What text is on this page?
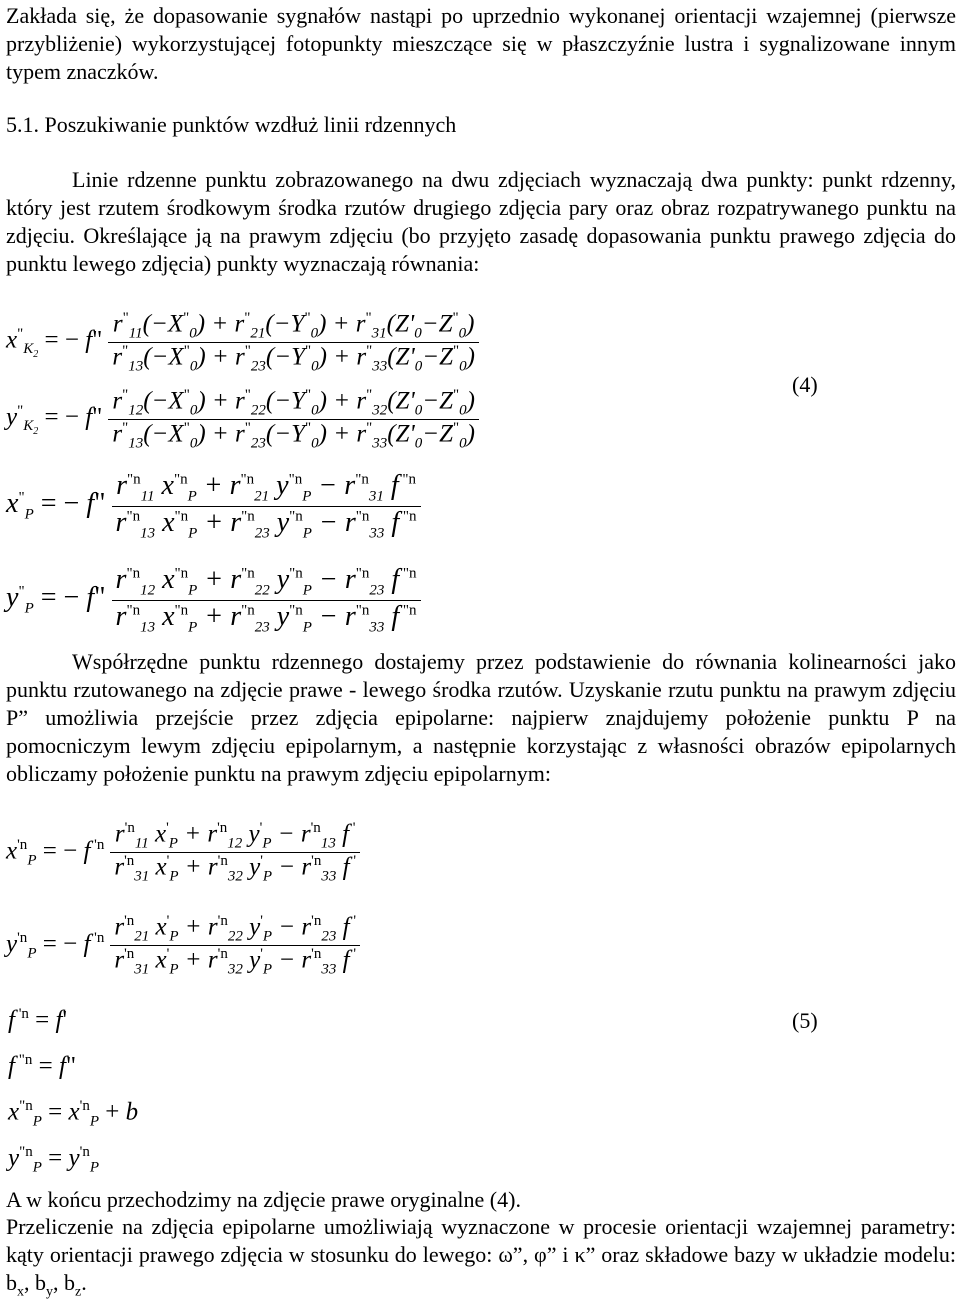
Zakłada się, że dopasowanie sygnałów nastąpi po uprzednio wykonanej orientacji wzajemnej (pierwsze przybliżenie) wykorzystującej fotopunkty mieszczące się w płaszczyźnie lustra i sygnalizowane innym typem znaczków.
5.1. Poszukiwanie punktów wzdłuż linii rdzennych
Linie rdzenne punktu zobrazowanego na dwu zdjęciach wyznaczają dwa punkty: punkt rdzenny, który jest rzutem środkowym środka rzutów drugiego zdjęcia pary oraz obraz rozpatrywanego punktu na zdjęciu. Określające ją na prawym zdjęciu (bo przyjęto zasadę dopasowania punktu prawego zdjęcia do punktu lewego zdjęcia) punkty wyznaczają równania:
$x^"_{K_2}$ = − f" $\frac{r^"_{11}(-X^"_0) + r^"_{21}(-Y^"_0) + r^"_{31}(Z'_0-Z^"_0)}{r^"_{13}(-X^"_0) + r^"_{23}(-Y^"_0) + r^"_{33}(Z'_0-Z^"_0)}$
$y^"_{K_2}$ = − f" $\frac{r^"_{12}(-X^"_0) + r^"_{22}(-Y^"_0) + r^"_{32}(Z'_0-Z^"_0)}{r^"_{13}(-X^"_0) + r^"_{23}(-Y^"_0) + r^"_{33}(Z'_0-Z^"_0)}$
(4)
$x^"_P$ = − f" $\frac{r^{"n}_{11} x^{"n}_P + r^{"n}_{21} y^{"n}_P - r^{"n}_{31} f ^{"n}}{r^{"n}_{13} x^{"n}_P + r^{"n}_{23} y^{"n}_P - r^{"n}_{33} f ^{"n}}$
$y^"_P$ = − f" $\frac{r^{"n}_{12} x^{"n}_P + r^{"n}_{22} y^{"n}_P - r^{"n}_{23} f ^{"n}}{r^{"n}_{13} x^{"n}_P + r^{"n}_{23} y^{"n}_P - r^{"n}_{33} f ^{"n}}$
Współrzędne punktu rdzennego dostajemy przez podstawienie do równania kolinearności jako punktu rzutowanego na zdjęcie prawe - lewego środka rzutów. Uzyskanie rzutu punktu na prawym zdjęciu P” umożliwia przejście przez zdjęcia epipolarne: najpierw znajdujemy położenie punktu P na pomocniczym lewym zdjęciu epipolarnym, a następnie korzystając z własności obrazów epipolarnych obliczamy położenie punktu na prawym zdjęciu epipolarnym:
$x^{'n}_P$ = − f $^{'n} \frac{r^{'n}_{11} x'_P + r^{'n}_{12} y'_P - r^{'n}_{13} f '}{r^{'n}_{31} x'_P + r^{'n}_{32} y'_P - r^{'n}_{33} f '}$
$y^{'n}_P$ = − f $^{'n} \frac{r^{'n}_{21} x'_P + r^{'n}_{22} y'_P - r^{'n}_{23} f '}{r^{'n}_{31} x'_P + r^{'n}_{32} y'_P - r^{'n}_{33} f '}$
f $^{'n}$ = f'
f $^{"n}$ = f"
$x^{"n}_P = x^{'n}_P + b$
$y^{"n}_P = y^{'n}_P$
(5)
A w końcu przechodzimy na zdjęcie prawe oryginalne (4).
Przeliczenie na zdjęcia epipolarne umożliwiają wyznaczone w procesie orientacji wzajemnej parametry: kąty orientacji prawego zdjęcia w stosunku do lewego: ω”, φ” i κ” oraz składowe bazy w układzie modelu: $b_x$, $b_y$, $b_z$.
